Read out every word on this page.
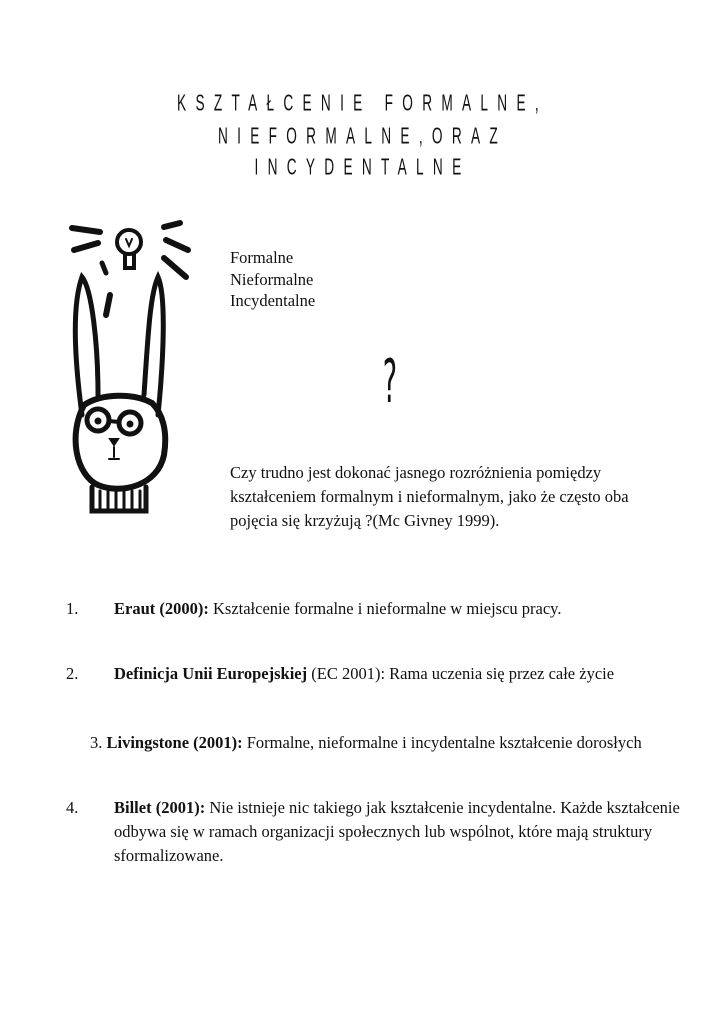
KSZTAŁCENIE FORMALNE,
NIEFORMALNE,ORAZ
INCYDENTALNE
Formalne
Nieformalne
Incydentalne
?
Czy trudno jest dokonać jasnego rozróżnienia pomiędzy kształceniem formalnym i nieformalnym, jako że często oba pojęcia się krzyżują ?(Mc Givney 1999).
1. Eraut (2000): Kształcenie formalne i nieformalne w miejscu pracy.
2. Definicja Unii Europejskiej (EC 2001): Rama uczenia się przez całe życie
3. Livingstone (2001): Formalne, nieformalne i incydentalne kształcenie dorosłych
4. Billet (2001): Nie istnieje nic takiego jak kształcenie incydentalne. Każde kształcenie odbywa się w ramach organizacji społecznych lub wspólnot, które mają struktury sformalizowane.
